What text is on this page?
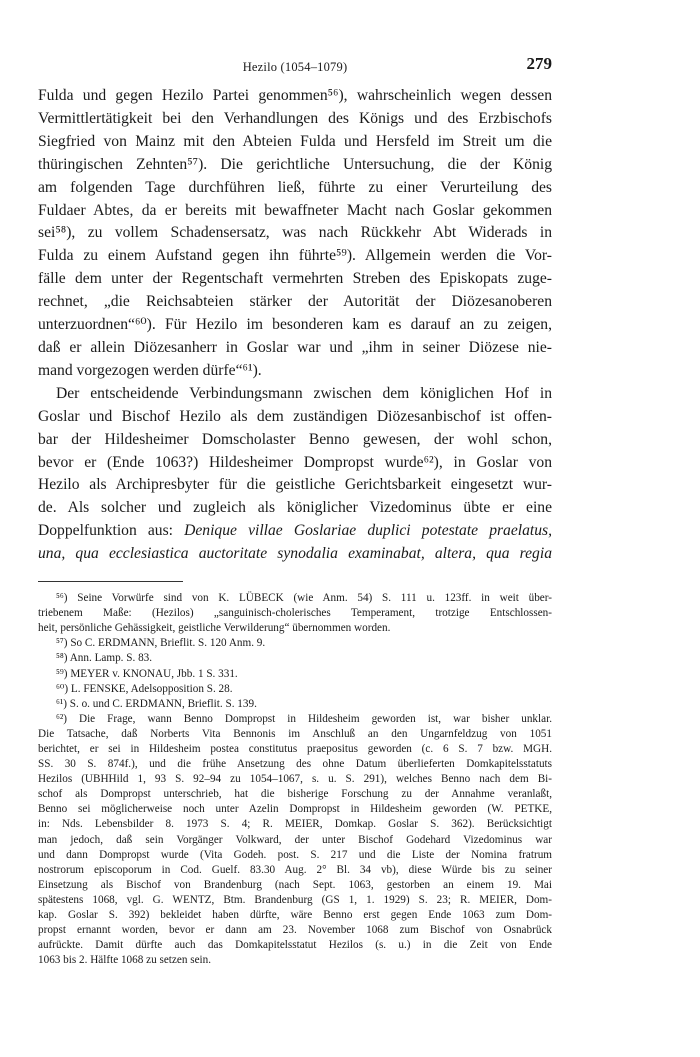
Hezilo (1054–1079)	279
Fulda und gegen Hezilo Partei genommen⁵⁶), wahrscheinlich wegen dessen
Vermittlertätigkeit bei den Verhandlungen des Königs und des Erzbischofs
Siegfried von Mainz mit den Abteien Fulda und Hersfeld im Streit um die
thüringischen Zehnten⁵⁷). Die gerichtliche Untersuchung, die der König
am folgenden Tage durchführen ließ, führte zu einer Verurteilung des
Fuldaer Abtes, da er bereits mit bewaffneter Macht nach Goslar gekommen
sei⁵⁸), zu vollem Schadensersatz, was nach Rückkehr Abt Widerads in
Fulda zu einem Aufstand gegen ihn führte⁵⁹). Allgemein werden die Vor-
fälle dem unter der Regentschaft vermehrten Streben des Episkopats zuge-
rechnet, „die Reichsabteien stärker der Autorität der Diözesanoberen
unterzuordnen“⁶⁰). Für Hezilo im besonderen kam es darauf an zu zeigen,
daß er allein Diözesanherr in Goslar war und „ihm in seiner Diözese nie-
mand vorgezogen werden dürfe“⁶¹).
Der entscheidende Verbindungsmann zwischen dem königlichen Hof in
Goslar und Bischof Hezilo als dem zuständigen Diözesanbischof ist offen-
bar der Hildesheimer Domscholaster Benno gewesen, der wohl schon,
bevor er (Ende 1063?) Hildesheimer Dompropst wurde⁶²), in Goslar von
Hezilo als Archipresbyter für die geistliche Gerichtsbarkeit eingesetzt wur-
de. Als solcher und zugleich als königlicher Vizedominus übte er eine
Doppelfunktion aus: Denique villae Goslariae duplici potestate praelatus,
una, qua ecclesiastica auctoritate synodalia examinabat, altera, qua regia
⁵⁶) Seine Vorwürfe sind von K. LÜBECK (wie Anm. 54) S. 111 u. 123ff. in weit über-
triebenem Maße: (Hezilos) „sanguinisch-cholerisches Temperament, trotzige Entschlossen-
heit, persönliche Gehässigkeit, geistliche Verwilderung“ übernommen worden.
⁵⁷) So C. ERDMANN, Brieflit. S. 120 Anm. 9.
⁵⁸) Ann. Lamp. S. 83.
⁵⁹) MEYER v. KNONAU, Jbb. 1 S. 331.
⁶⁰) L. FENSKE, Adelsopposition S. 28.
⁶¹) S. o. und C. ERDMANN, Brieflit. S. 139.
⁶²) Die Frage, wann Benno Dompropst in Hildesheim geworden ist, war bisher unklar.
Die Tatsache, daß Norberts Vita Bennonis im Anschluß an den Ungarnfeldzug von 1051
berichtet, er sei in Hildesheim postea constitutus praepositus geworden (c. 6 S. 7 bzw. MGH.
SS. 30 S. 874f.), und die frühe Ansetzung des ohne Datum überlieferten Domkapitelsstatuts
Hezilos (UBHHild 1, 93 S. 92–94 zu 1054–1067, s. u. S. 291), welches Benno nach dem Bi-
schof als Dompropst unterschrieb, hat die bisherige Forschung zu der Annahme veranlaßt,
Benno sei möglicherweise noch unter Azelin Dompropst in Hildesheim geworden (W. PETKE,
in: Nds. Lebensbilder 8. 1973 S. 4; R. MEIER, Domkap. Goslar S. 362). Berücksichtigt
man jedoch, daß sein Vorgänger Volkward, der unter Bischof Godehard Vizedominus war
und dann Dompropst wurde (Vita Godeh. post. S. 217 und die Liste der Nomina fratrum
nostrorum episcoporum in Cod. Guelf. 83.30 Aug. 2° Bl. 34 vb), diese Würde bis zu seiner
Einsetzung als Bischof von Brandenburg (nach Sept. 1063, gestorben an einem 19. Mai
spätestens 1068, vgl. G. WENTZ, Btm. Brandenburg (GS 1, 1. 1929) S. 23; R. MEIER, Dom-
kap. Goslar S. 392) bekleidet haben dürfte, wäre Benno erst gegen Ende 1063 zum Dom-
propst ernannt worden, bevor er dann am 23. November 1068 zum Bischof von Osnabrück
aufrückte. Damit dürfte auch das Domkapitelsstatut Hezilos (s. u.) in die Zeit von Ende
1063 bis 2. Hälfte 1068 zu setzen sein.
